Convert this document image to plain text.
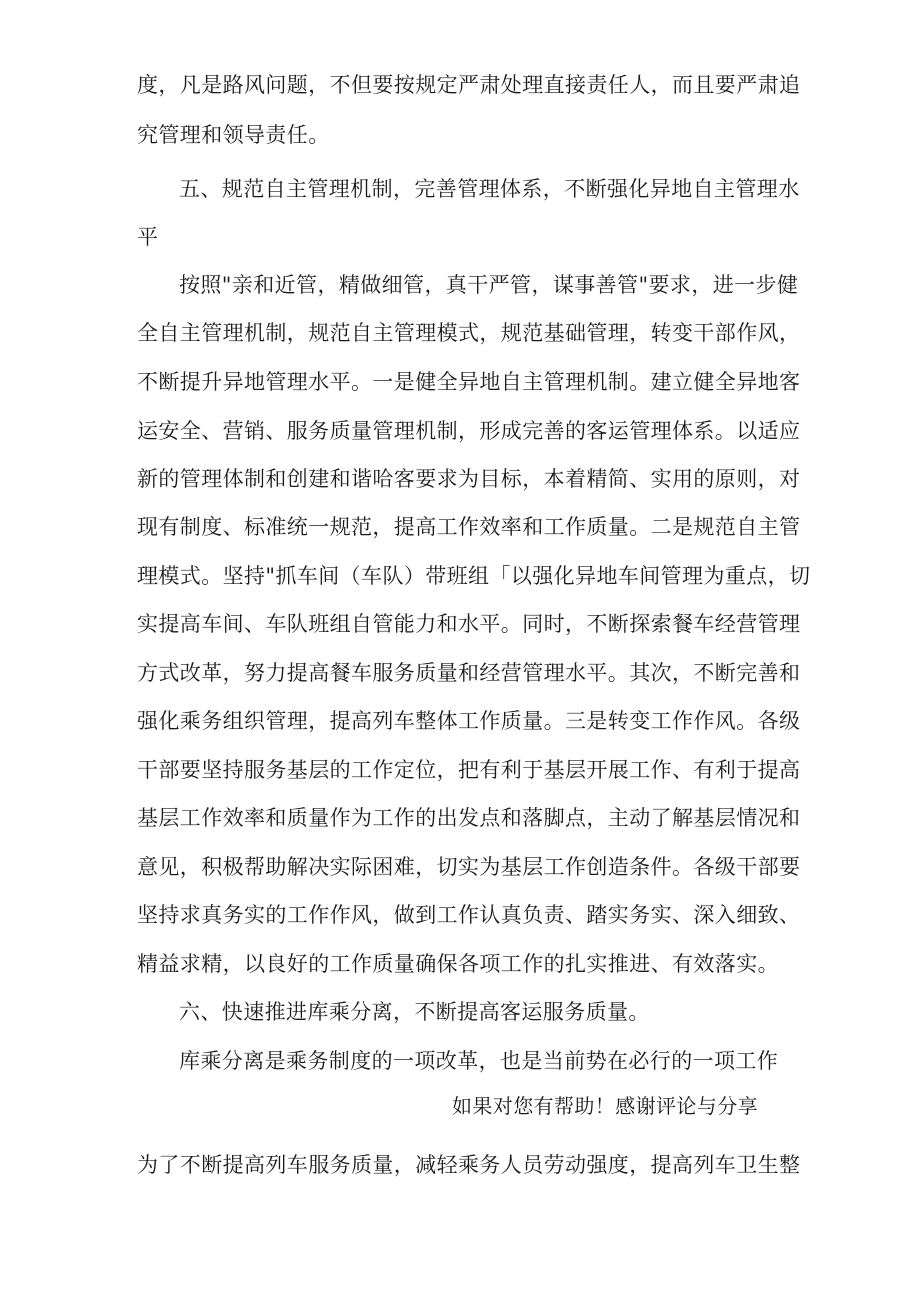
度，凡是路风问题，不但要按规定严肃处理直接责任人，而且要严肃追
究管理和领导责任。
五、规范自主管理机制，完善管理体系，不断强化异地自主管理水
平
按照"亲和近管，精做细管，真干严管，谋事善管"要求，进一步健
全自主管理机制，规范自主管理模式，规范基础管理，转变干部作风，
不断提升异地管理水平。一是健全异地自主管理机制。建立健全异地客
运安全、营销、服务质量管理机制，形成完善的客运管理体系。以适应
新的管理体制和创建和谐哈客要求为目标，本着精简、实用的原则，对
现有制度、标准统一规范，提高工作效率和工作质量。二是规范自主管
理模式。坚持"抓车间（车队）带班组「以强化异地车间管理为重点，切
实提高车间、车队班组自管能力和水平。同时，不断探索餐车经营管理
方式改革，努力提高餐车服务质量和经营管理水平。其次，不断完善和
强化乘务组织管理，提高列车整体工作质量。三是转变工作作风。各级
干部要坚持服务基层的工作定位，把有利于基层开展工作、有利于提高
基层工作效率和质量作为工作的出发点和落脚点，主动了解基层情况和
意见，积极帮助解决实际困难，切实为基层工作创造条件。各级干部要
坚持求真务实的工作作风，做到工作认真负责、踏实务实、深入细致、
精益求精，以良好的工作质量确保各项工作的扎实推进、有效落实。
六、快速推进库乘分离，不断提高客运服务质量。
库乘分离是乘务制度的一项改革，也是当前势在必行的一项工作
如果对您有帮助！感谢评论与分享
为了不断提高列车服务质量，减轻乘务人员劳动强度，提高列车卫生整
